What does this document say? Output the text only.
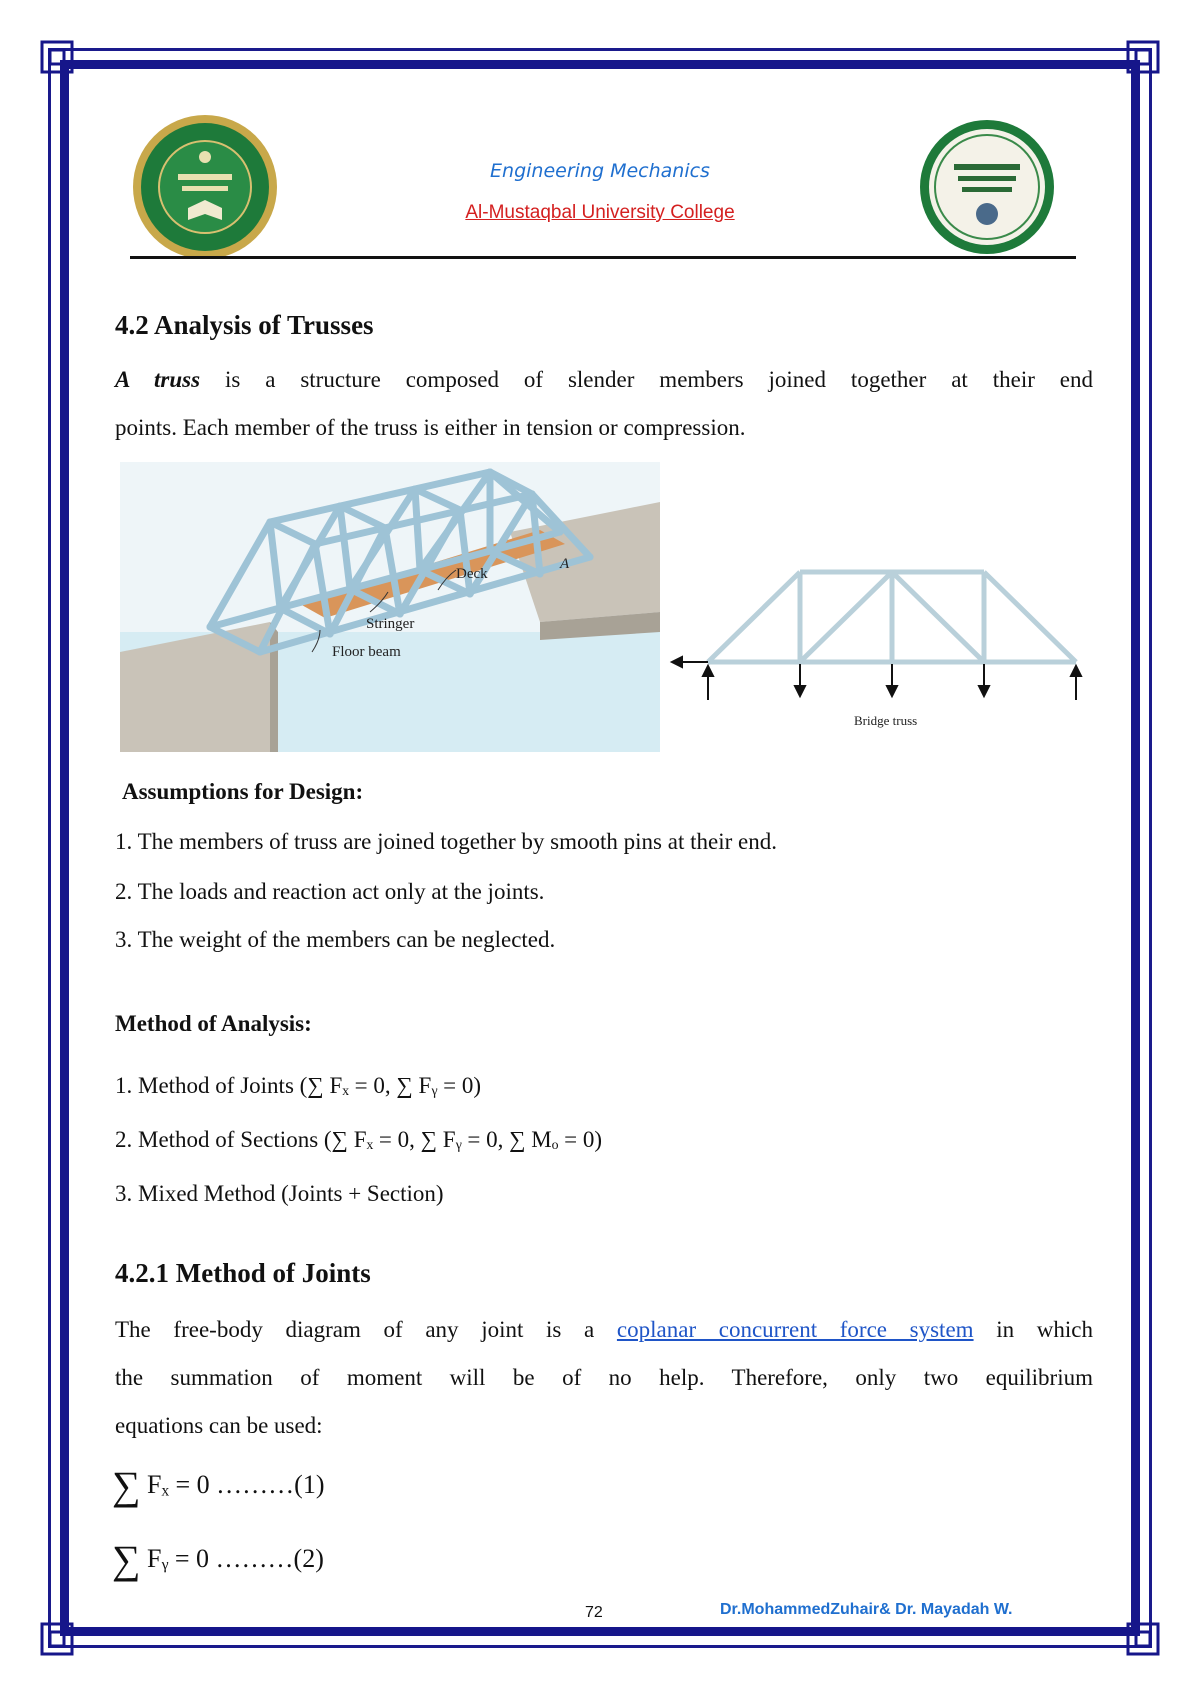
Engineering Mechanics
Al-Mustaqbal University College
4.2 Analysis of Trusses
A truss is a structure composed of slender members joined together at their end
points. Each member of the truss is either in tension or compression.
Stringer
Deck
Floor beam
A
Bridge truss
Assumptions for Design:
1. The members of truss are joined together by smooth pins at their end.
2. The loads and reaction act only at the joints.
3. The weight of the members can be neglected.
Method of Analysis:
1. Method of Joints (∑ Fₓ = 0, ∑ Fᵧ = 0)
2. Method of Sections (∑ Fₓ = 0, ∑ Fᵧ = 0, ∑ Mₒ = 0)
3. Mixed Method (Joints + Section)
4.2.1 Method of Joints
The free-body diagram of any joint is a coplanar concurrent force system in which
the summation of moment will be of no help. Therefore, only two equilibrium
equations can be used:
∑ Fₓ = 0 ………(1)
∑ Fᵧ = 0 ………(2)
72	Dr.MohammedZuhair& Dr. Mayadah W.
